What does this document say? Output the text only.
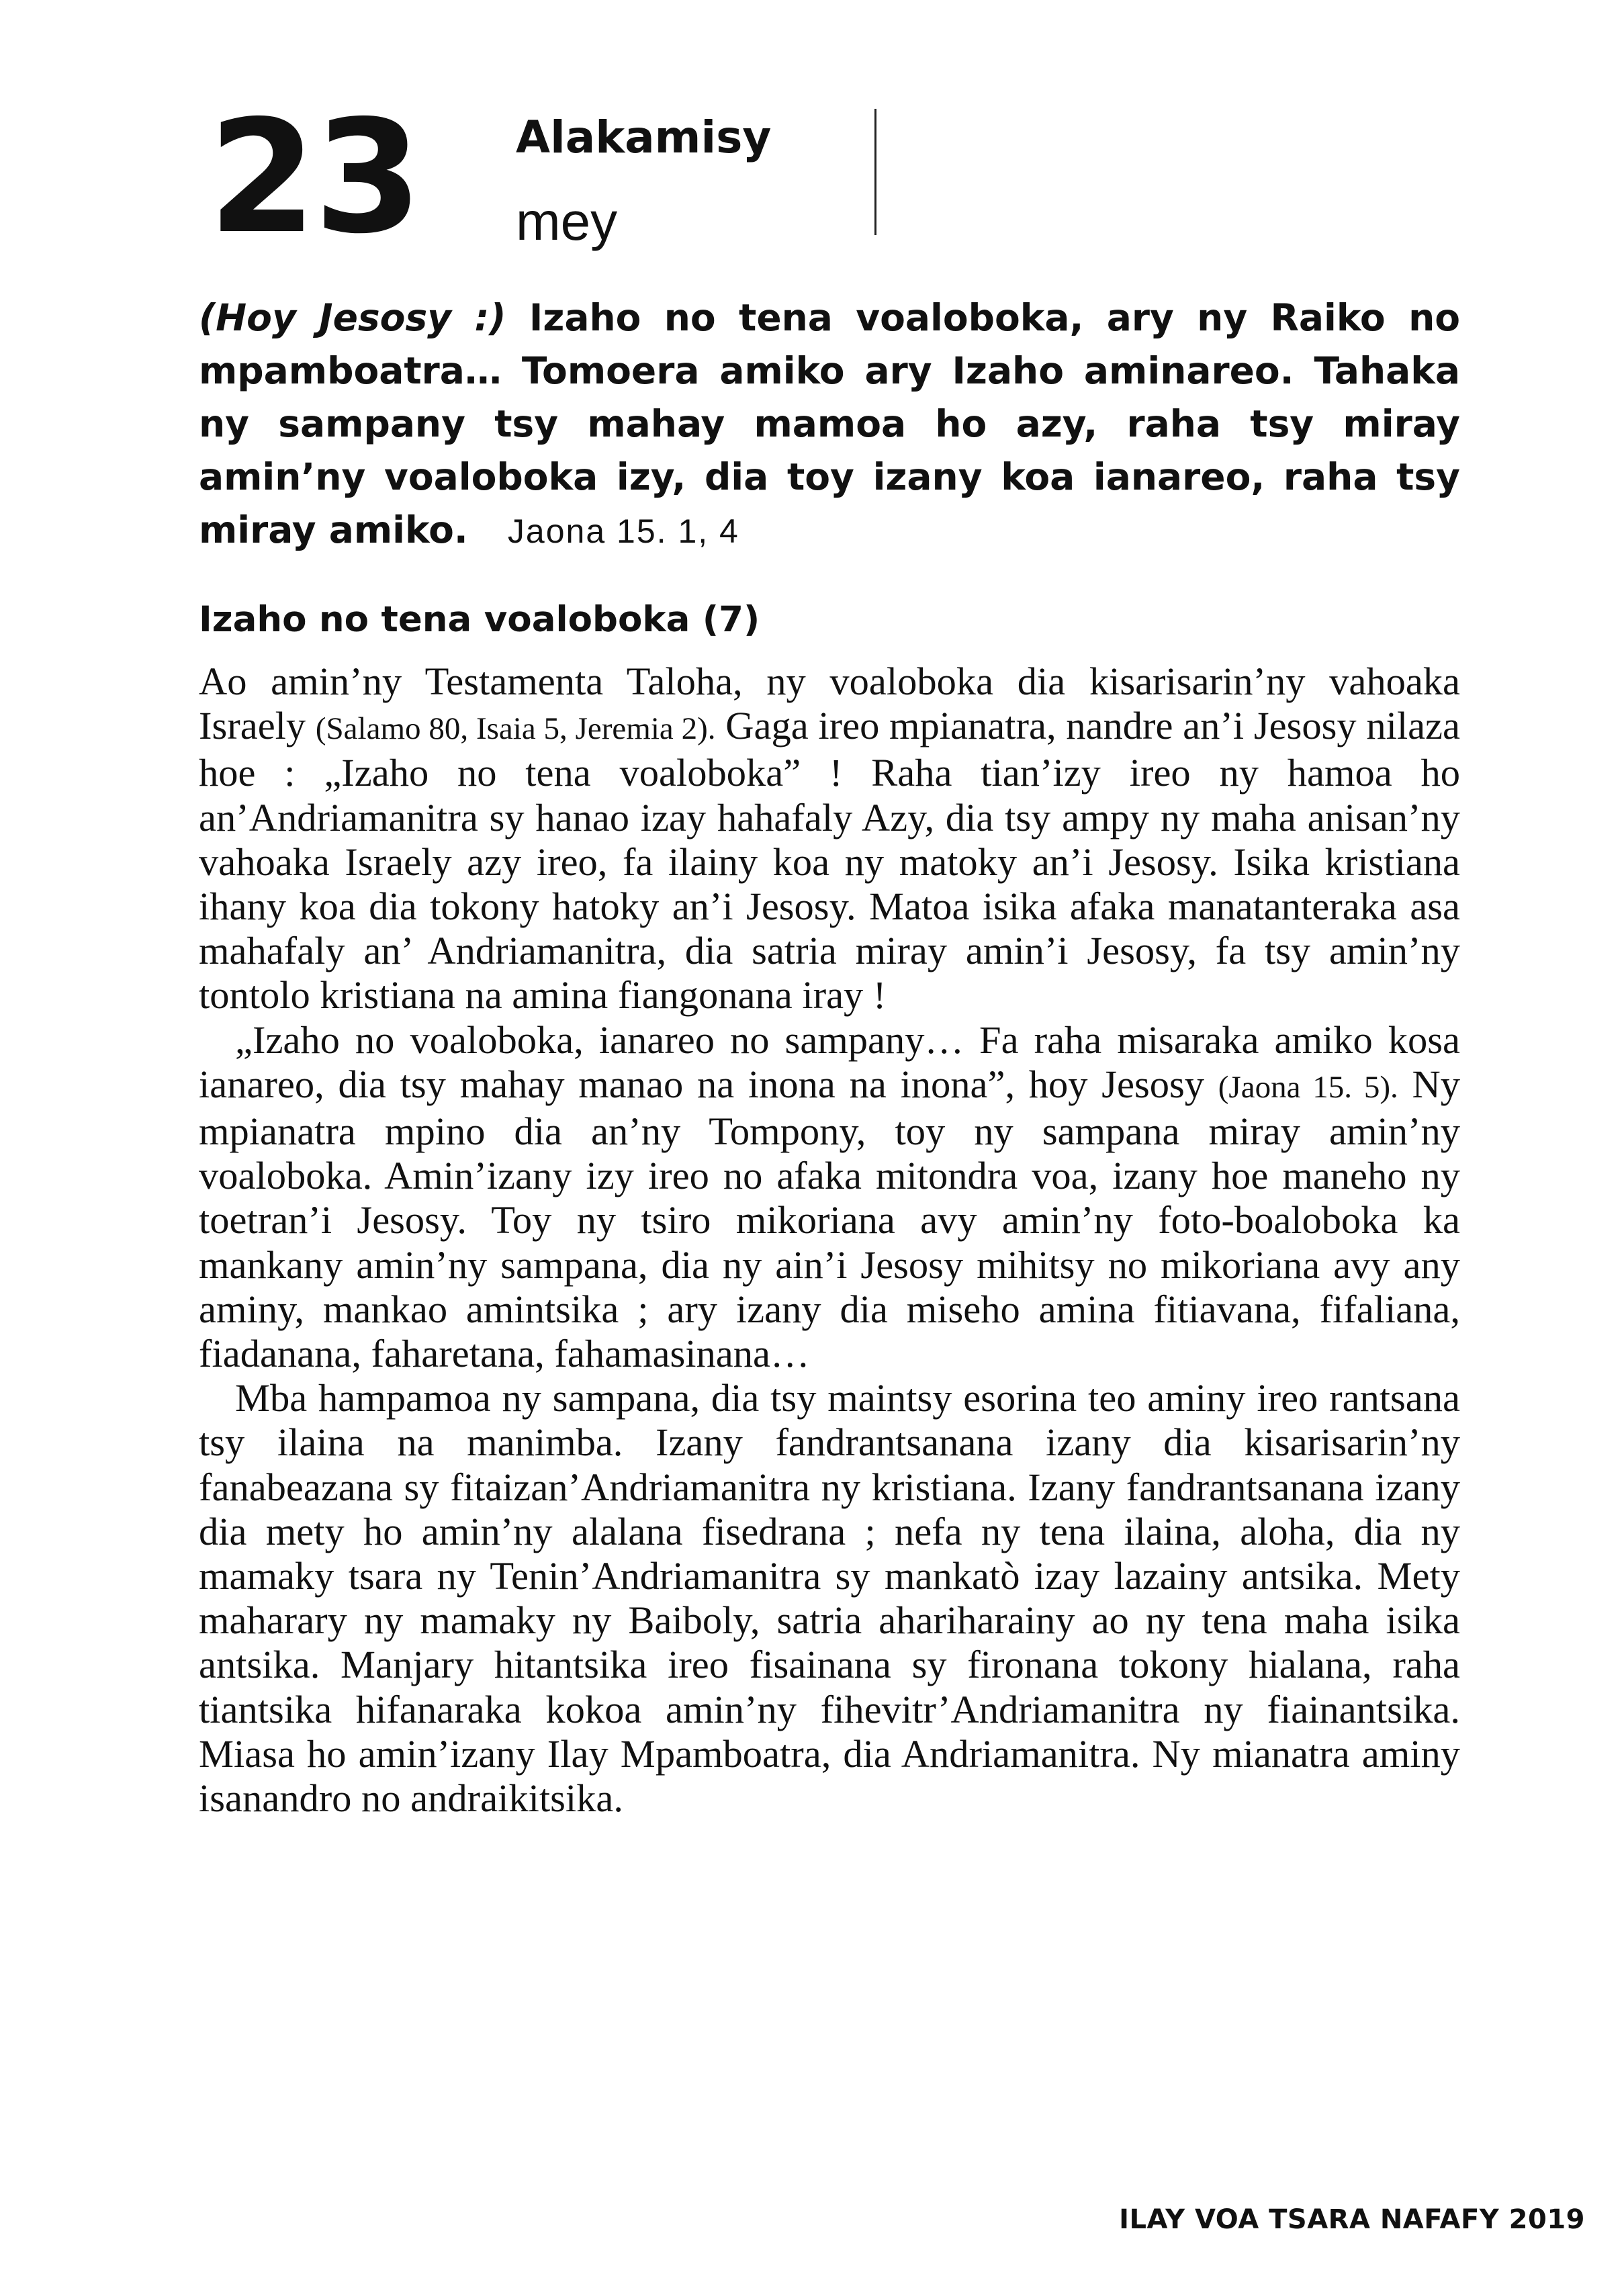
23 Alakamisy
mey
(Hoy Jesosy :) Izaho no tena voaloboka, ary ny Raiko no mpamboatra… Tomoera amiko ary Izaho aminareo. Tahaka ny sampany tsy mahay mamoa ho azy, raha tsy miray amin’ny voaloboka izy, dia toy izany koa ianareo, raha tsy miray amiko. Jaona 15. 1, 4
Izaho no tena voaloboka (7)

Ao amin’ny Testamenta Taloha, ny voaloboka dia kisarisarin’ny vahoaka Israely (Salamo 80, Isaia 5, Jeremia 2). Gaga ireo mpianatra, nandre an’i Jesosy nilaza hoe : „Izaho no tena voaloboka” ! Raha tian’izy ireo ny hamoa ho an’Andriamanitra sy hanao izay hahafaly Azy, dia tsy ampy ny maha anisan’ny vahoaka Israely azy ireo, fa ilainy koa ny matoky an’i Jesosy. Isika kristiana ihany koa dia tokony hatoky an’i Jesosy. Matoa isika afaka manatanteraka asa mahafaly an’ Andriamanitra, dia satria miray amin’i Jesosy, fa tsy amin’ny tontolo kristiana na amina fiangonana iray !

„Izaho no voaloboka, ianareo no sampany… Fa raha misaraka amiko kosa ianareo, dia tsy mahay manao na inona na inona”, hoy Jesosy (Jaona 15. 5). Ny mpianatra mpino dia an’ny Tompony, toy ny sampana miray amin’ny voaloboka. Amin’izany izy ireo no afaka mitondra voa, izany hoe maneho ny toetran’i Jesosy. Toy ny tsiro mikoriana avy amin’ny foto-boaloboka ka mankany amin’ny sampana, dia ny ain’i Jesosy mihitsy no mikoriana avy any aminy, mankao amintsika ; ary izany dia miseho amina fitiavana, fifaliana, fiadanana, faharetana, fahamasinana…

Mba hampamoa ny sampana, dia tsy maintsy esorina teo aminy ireo rantsana tsy ilaina na manimba. Izany fandrantsanana izany dia kisarisarin’ny fanabeazana sy fitaizan’Andriamanitra ny kristiana. Izany fandrantsanana izany dia mety ho amin’ny alalana fisedrana ; nefa ny tena ilaina, aloha, dia ny mamaky tsara ny Tenin’Andriamanitra sy mankatò izay lazainy antsika. Mety maharary ny mamaky ny Baiboly, satria ahariharainy ao ny tena maha isika antsika. Manjary hitantsika ireo fisainana sy fironana tokony hialana, raha tiantsika hifanaraka kokoa amin’ny fihevitr’Andriamanitra ny fiainantsika. Miasa ho amin’izany Ilay Mpamboatra, dia Andriamanitra. Ny mianatra aminy isanandro no andraikitsika.

ILAY VOA TSARA NAFAFY 2019
